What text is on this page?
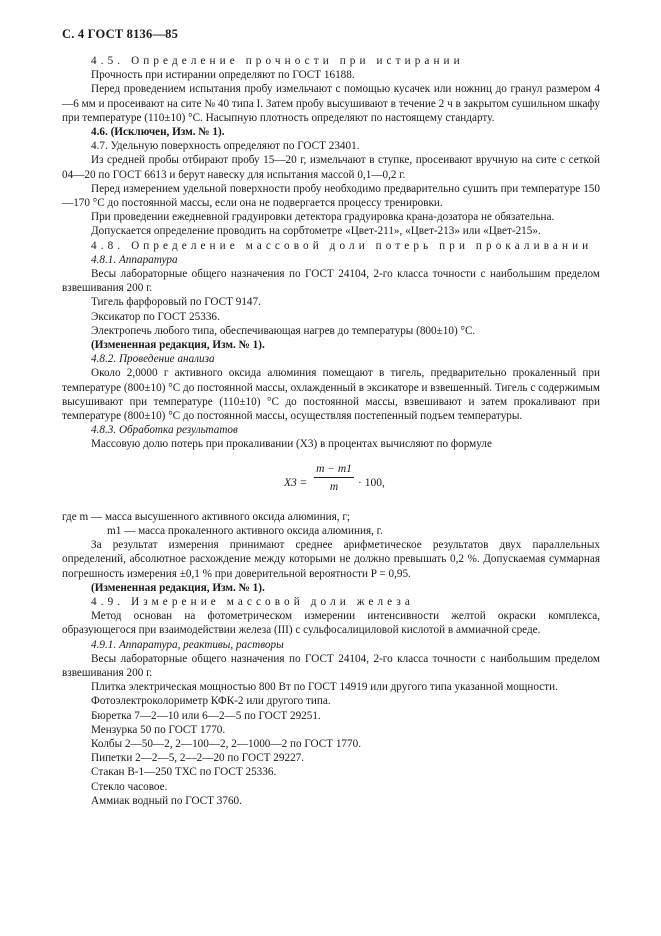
С. 4 ГОСТ 8136—85

4.5. Определение прочности при истирании

Прочность при истирании определяют по ГОСТ 16188.

Перед проведением испытания пробу измельчают с помощью кусачек или ножниц до гранул размером 4—6 мм и просеивают на сите № 40 типа I. Затем пробу высушивают в течение 2 ч в закрытом сушильном шкафу при температуре (110±10) °С. Насыпную плотность определяют по настоящему стандарту.

4.6. (Исключен, Изм. № 1).

4.7. Удельную поверхность определяют по ГОСТ 23401.

Из средней пробы отбирают пробу 15—20 г, измельчают в ступке, просеивают вручную на сите с сеткой 04—20 по ГОСТ 6613 и берут навеску для испытания массой 0,1—0,2 г.

Перед измерением удельной поверхности пробу необходимо предварительно сушить при температуре 150—170 °С до постоянной массы, если она не подвергается процессу тренировки.

При проведении ежедневной градуировки детектора градуировка крана-дозатора не обязательна.

Допускается определение проводить на сорбтометре «Цвет-211», «Цвет-213» или «Цвет-215».

4.8. Определение массовой доли потерь при прокаливании

4.8.1. Аппаратура

Весы лабораторные общего назначения по ГОСТ 24104, 2-го класса точности с наибольшим пределом взвешивания 200 г.

Тигель фарфоровый по ГОСТ 9147.

Эксикатор по ГОСТ 25336.

Электропечь любого типа, обеспечивающая нагрев до температуры (800±10) °С.

(Измененная редакция, Изм. № 1).

4.8.2. Проведение анализа

Около 2,0000 г активного оксида алюминия помещают в тигель, предварительно прокаленный при температуре (800±10) °С до постоянной массы, охлажденный в эксикаторе и взвешенный. Тигель с содержимым высушивают при температуре (110±10) °С до постоянной массы, взвешивают и затем прокаливают при температуре (800±10) °С до постоянной массы, осуществляя постепенный подъем температуры.

4.8.3. Обработка результатов

Массовую долю потерь при прокаливании (X3) в процентах вычисляют по формуле

$X3 = \frac{m - m1}{m} \cdot 100$,

где m — масса высушенного активного оксида алюминия, г;

m1 — масса прокаленного активного оксида алюминия, г.

За результат измерения принимают среднее арифметическое результатов двух параллельных определений, абсолютное расхождение между которыми не должно превышать 0,2 %. Допускаемая суммарная погрешность измерения ±0,1 % при доверительной вероятности P = 0,95.

(Измененная редакция, Изм. № 1).

4.9. Измерение массовой доли железа

Метод основан на фотометрическом измерении интенсивности желтой окраски комплекса, образующегося при взаимодействии железа (III) с сульфосалициловой кислотой в аммиачной среде.

4.9.1. Аппаратура, реактивы, растворы

Весы лабораторные общего назначения по ГОСТ 24104, 2-го класса точности с наибольшим пределом взвешивания 200 г.

Плитка электрическая мощностью 800 Вт по ГОСТ 14919 или другого типа указанной мощности.

Фотоэлектроколориметр КФК-2 или другого типа.

Бюретка 7—2—10 или 6—2—5 по ГОСТ 29251.

Мензурка 50 по ГОСТ 1770.

Колбы 2—50—2, 2—100—2, 2—1000—2 по ГОСТ 1770.

Пипетки 2—2—5, 2—2—20 по ГОСТ 29227.

Стакан В-1—250 ТХС по ГОСТ 25336.

Стекло часовое.

Аммиак водный по ГОСТ 3760.
